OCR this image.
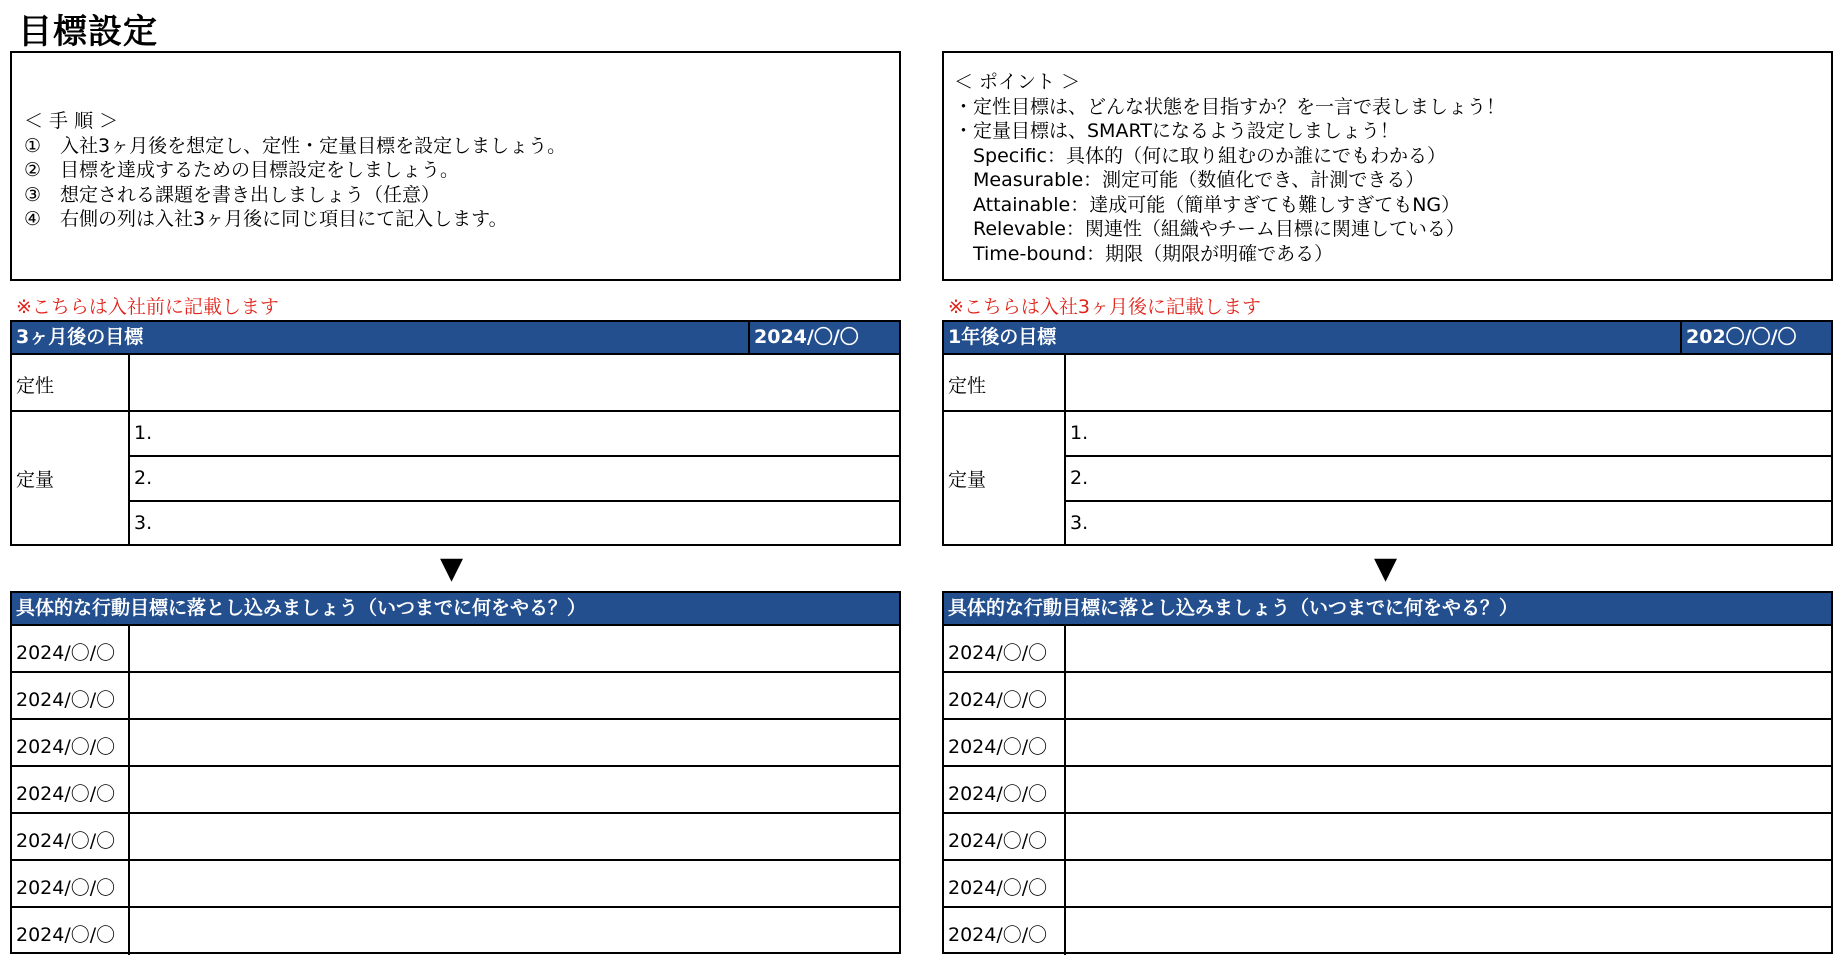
目標設定
＜ 手 順 ＞
①　入社3ヶ月後を想定し、定性・定量目標を設定しましょう。
②　目標を達成するための目標設定をしましょう。
③　想定される課題を書き出しましょう（任意）
④　右側の列は入社3ヶ月後に同じ項目にて記入します。
＜ ポイント ＞
・定性目標は、どんな状態を目指すか？を一言で表しましょう！
・定量目標は、SMARTになるよう設定しましょう！
　Specific：具体的（何に取り組むのか誰にでもわかる）
　Measurable：測定可能（数値化でき、計測できる）
　Attainable：達成可能（簡単すぎても難しすぎてもNG）
　Relevable：関連性（組織やチーム目標に関連している）
　Time-bound：期限（期限が明確である）
※こちらは入社前に記載します
3ヶ月後の目標	2024/〇/〇
定性
定量
1.
2.
3.
▼
具体的な行動目標に落とし込みましょう（いつまでに何をやる？）
2024/〇/〇
2024/〇/〇
2024/〇/〇
2024/〇/〇
2024/〇/〇
2024/〇/〇
2024/〇/〇
※こちらは入社3ヶ月後に記載します
1年後の目標	202〇/〇/〇
定性
定量
1.
2.
3.
▼
具体的な行動目標に落とし込みましょう（いつまでに何をやる？）
2024/〇/〇
2024/〇/〇
2024/〇/〇
2024/〇/〇
2024/〇/〇
2024/〇/〇
2024/〇/〇
